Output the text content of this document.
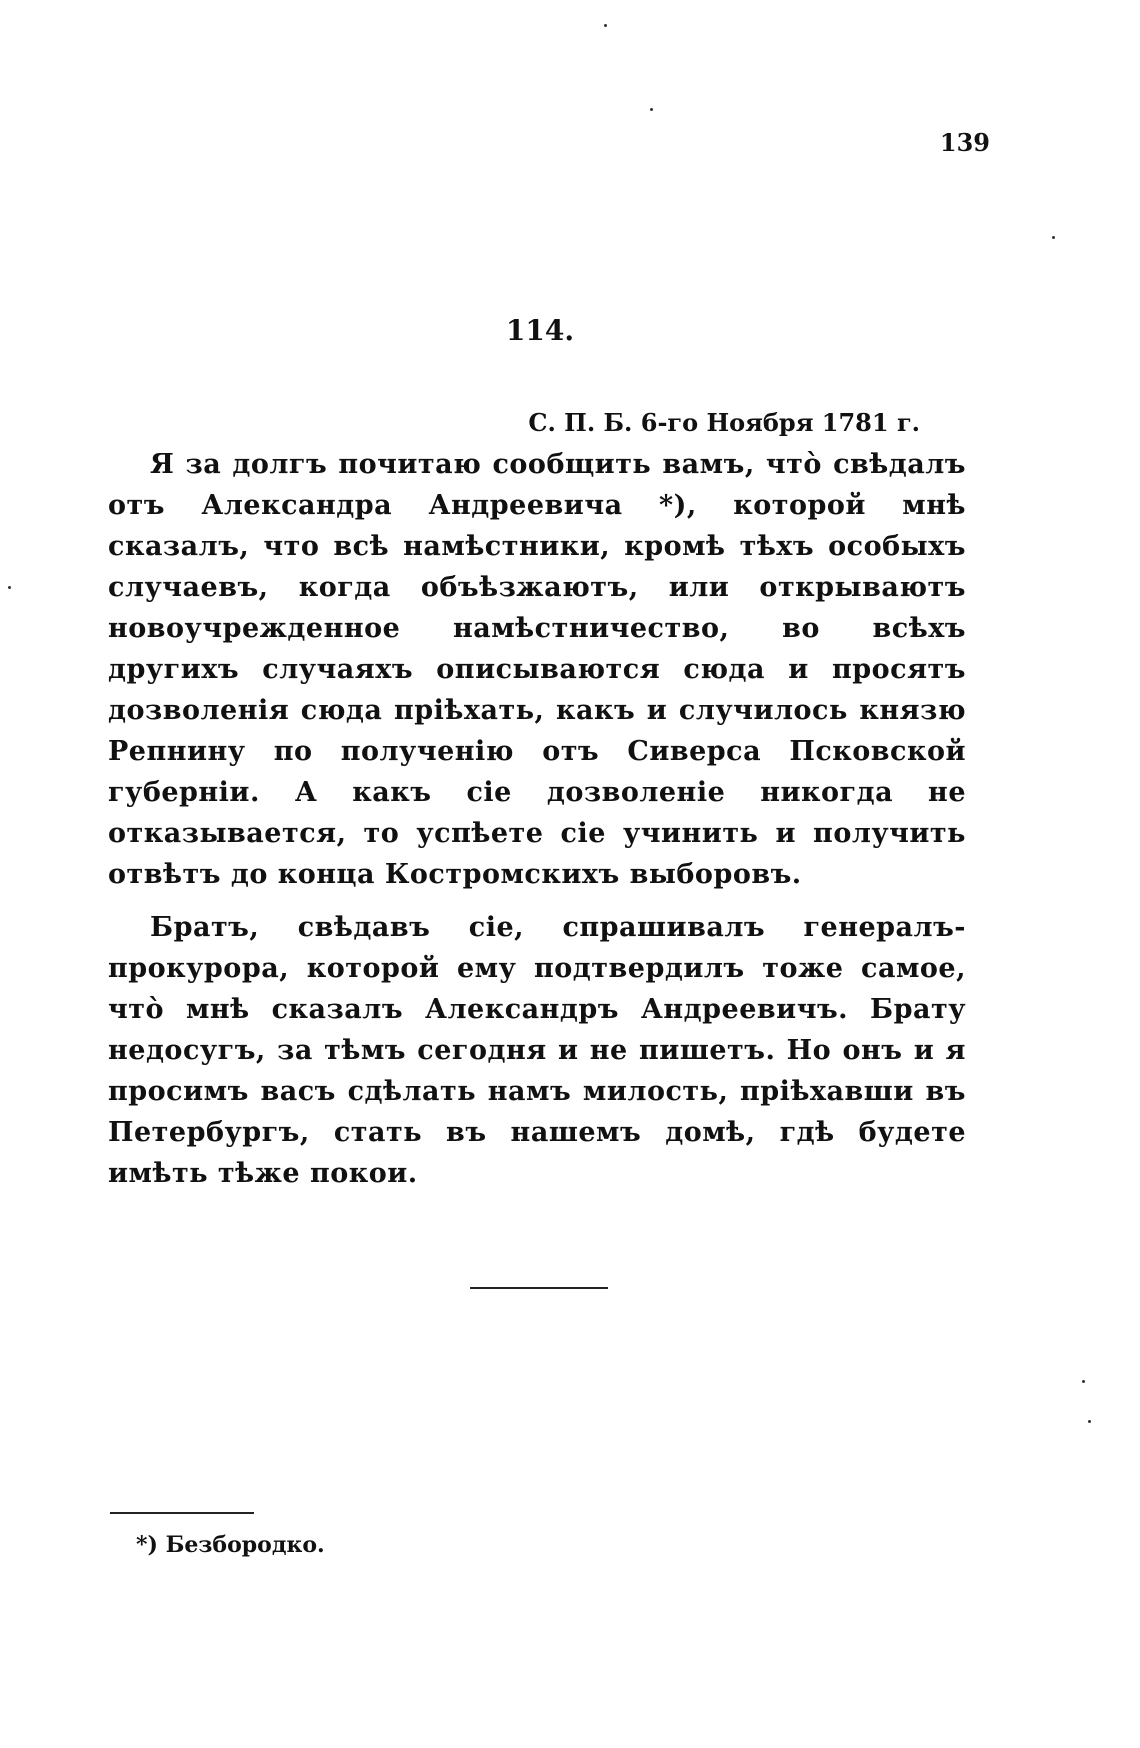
139
114.
С. П. Б. 6-го Ноября 1781 г.

Я за долгъ почитаю сообщить вамъ, что̀ свѣдалъ отъ Александра Андреевича *), которой мнѣ сказалъ, что всѣ намѣстники, кромѣ тѣхъ особыхъ случаевъ, когда объѣзжаютъ, или открываютъ новоучрежденное намѣстничество, во всѣхъ другихъ случаяхъ описываются сюда и просятъ дозволенія сюда пріѣхать, какъ и случилось князю Репнину по полученію отъ Сиверса Псковской губерніи. А какъ сіе дозволеніе никогда не отказывается, то успѣете сіе учинить и получить отвѣтъ до конца Костромскихъ выборовъ.

Братъ, свѣдавъ сіе, спрашивалъ генералъ-прокурора, которой ему подтвердилъ тоже самое, что̀ мнѣ сказалъ Александръ Андреевичъ. Брату недосугъ, за тѣмъ сегодня и не пишетъ. Но онъ и я просимъ васъ сдѣлать намъ милость, пріѣхавши въ Петербургъ, стать въ нашемъ домѣ, гдѣ будете имѣть тѣже покои.

*) Безбородко.
